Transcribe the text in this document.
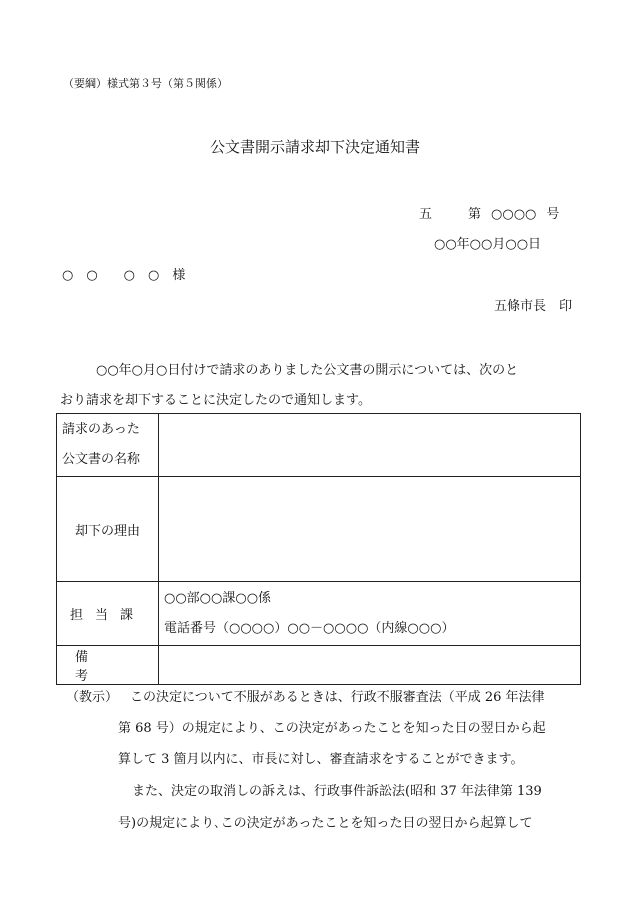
（要綱）様式第３号（第５関係）
公文書開示請求却下決定通知書
五	第 ○○○○ 号
○○年○○月○○日
○　○　　○　○　様
五條市長　印
○○年○月○日付けで請求のありました公文書の開示については、次のと
おり請求を却下することに決定したので通知します。
請求のあった
公文書の名称	

却下の理由	
担当課	○○部○○課○○係
電話番号（○○○○）○○－○○○○（内線○○○）

備考	
（教示） この決定について不服があるときは、行政不服審査法（平成 26 年法律
第 68 号）の規定により、この決定があったことを知った日の翌日から起
算して 3 箇月以内に、市長に対し、審査請求をすることができます。
また、決定の取消しの訴えは、行政事件訴訟法(昭和 37 年法律第 139
号)の規定により､この決定があったことを知った日の翌日から起算して
